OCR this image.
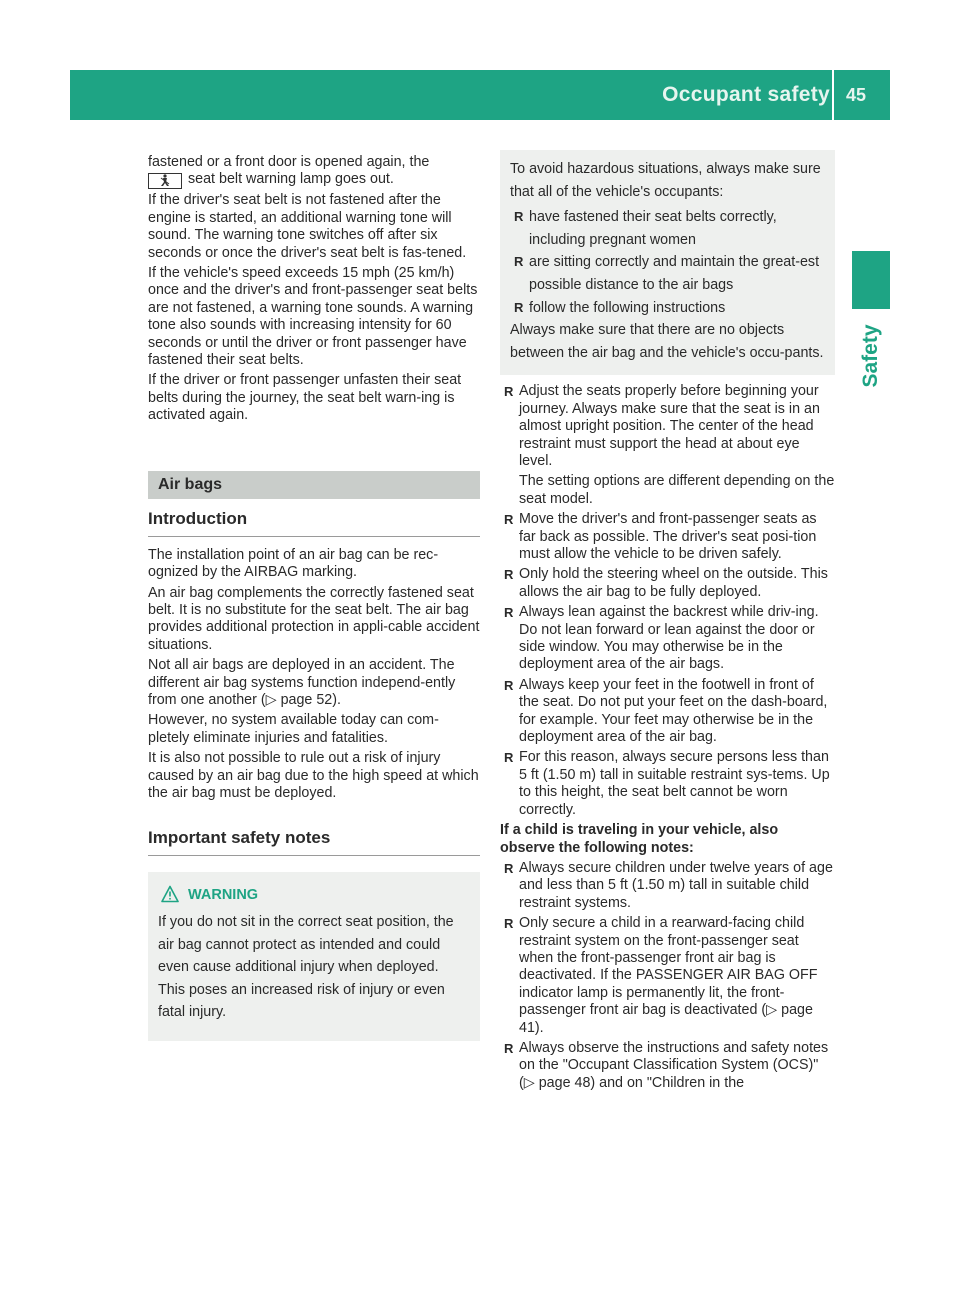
Occupant safety 45
Safety

fastened or a front door is opened again, the
seat belt warning lamp goes out.

If the driver's seat belt is not fastened after the engine is started, an additional warning tone will sound. The warning tone switches off after six seconds or once the driver's seat belt is fas-tened.

If the vehicle's speed exceeds 15 mph (25 km/h) once and the driver's and front-passenger seat belts are not fastened, a warning tone sounds. A warning tone also sounds with increasing intensity for 60 seconds or until the driver or front passenger have fastened their seat belts.

If the driver or front passenger unfasten their seat belts during the journey, the seat belt warn-ing is activated again.

Air bags
Introduction

The installation point of an air bag can be rec-ognized by the AIRBAG marking.

An air bag complements the correctly fastened seat belt. It is no substitute for the seat belt. The air bag provides additional protection in appli-cable accident situations.

Not all air bags are deployed in an accident. The different air bag systems function independ-ently from one another (▷ page 52).

However, no system available today can com-pletely eliminate injuries and fatalities.

It is also not possible to rule out a risk of injury caused by an air bag due to the high speed at which the air bag must be deployed.

Important safety notes
WARNING

If you do not sit in the correct seat position, the air bag cannot protect as intended and could even cause additional injury when deployed. This poses an increased risk of injury or even fatal injury.

To avoid hazardous situations, always make sure that all of the vehicle's occupants:

R have fastened their seat belts correctly, including pregnant women
R are sitting correctly and maintain the great-est possible distance to the air bags
R follow the following instructions

Always make sure that there are no objects between the air bag and the vehicle's occu-pants.

R Adjust the seats properly before beginning your journey. Always make sure that the seat is in an almost upright position. The center of the head restraint must support the head at about eye level.

The setting options are different depending on the seat model.

R Move the driver's and front-passenger seats as far back as possible. The driver's seat posi-tion must allow the vehicle to be driven safely.
R Only hold the steering wheel on the outside. This allows the air bag to be fully deployed.
R Always lean against the backrest while driv-ing. Do not lean forward or lean against the door or side window. You may otherwise be in the deployment area of the air bags.
R Always keep your feet in the footwell in front of the seat. Do not put your feet on the dash-board, for example. Your feet may otherwise be in the deployment area of the air bag.
R For this reason, always secure persons less than 5 ft (1.50 m) tall in suitable restraint sys-tems. Up to this height, the seat belt cannot be worn correctly.

If a child is traveling in your vehicle, also observe the following notes:

R Always secure children under twelve years of age and less than 5 ft (1.50 m) tall in suitable child restraint systems.
R Only secure a child in a rearward-facing child restraint system on the front-passenger seat when the front-passenger front air bag is deactivated. If the PASSENGER AIR BAG OFF indicator lamp is permanently lit, the front-passenger front air bag is deactivated (▷ page 41).
R Always observe the instructions and safety notes on the "Occupant Classification System (OCS)" (▷ page 48) and on "Children in the
